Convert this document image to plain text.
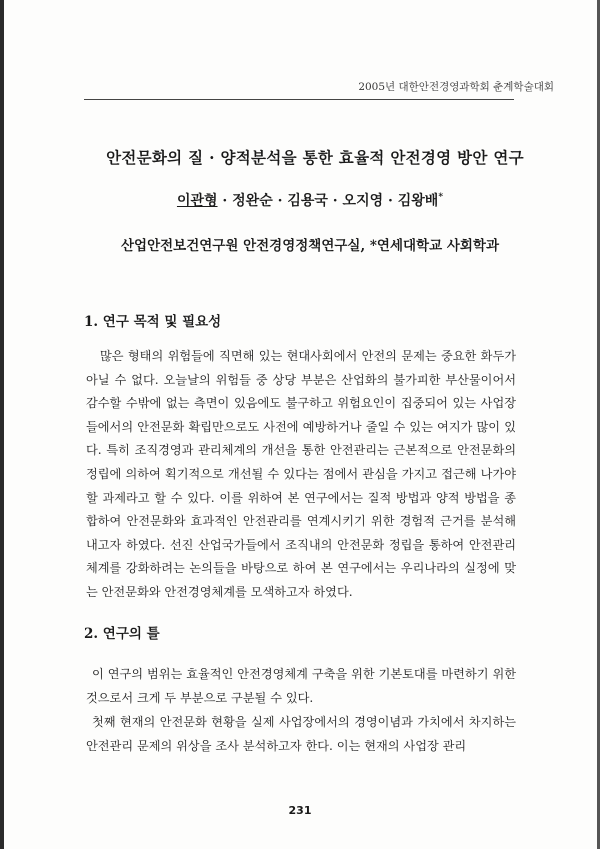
2005년 대한안전경영과학회 춘계학술대회
안전문화의 질 · 양적분석을 통한 효율적 안전경영 방안 연구
이관형 · 정완순 · 김용국 · 오지영 · 김왕배*
산업안전보건연구원 안전경영정책연구실, *연세대학교 사회학과
1. 연구 목적 및 필요성
많은 형태의 위험들에 직면해 있는 현대사회에서 안전의 문제는 중요한 화두가 아닐 수 없다. 오늘날의 위험들 중 상당 부분은 산업화의 불가피한 부산물이어서 감수할 수밖에 없는 측면이 있음에도 불구하고 위험요인이 집중되어 있는 사업장들에서의 안전문화 확립만으로도 사전에 예방하거나 줄일 수 있는 여지가 많이 있다. 특히 조직경영과 관리체계의 개선을 통한 안전관리는 근본적으로 안전문화의 정립에 의하여 획기적으로 개선될 수 있다는 점에서 관심을 가지고 접근해 나가야 할 과제라고 할 수 있다. 이를 위하여 본 연구에서는 질적 방법과 양적 방법을 종합하여 안전문화와 효과적인 안전관리를 연계시키기 위한 경험적 근거를 분석해 내고자 하였다. 선진 산업국가들에서 조직내의 안전문화 정립을 통하여 안전관리체계를 강화하려는 논의들을 바탕으로 하여 본 연구에서는 우리나라의 실정에 맞는 안전문화와 안전경영체계를 모색하고자 하였다.
2. 연구의 틀
이 연구의 범위는 효율적인 안전경영체계 구축을 위한 기본토대를 마련하기 위한 것으로서 크게 두 부분으로 구분될 수 있다.
첫째 현재의 안전문화 현황을 실제 사업장에서의 경영이념과 가치에서 차지하는 안전관리 문제의 위상을 조사 분석하고자 한다. 이는 현재의 사업장 관리
231
